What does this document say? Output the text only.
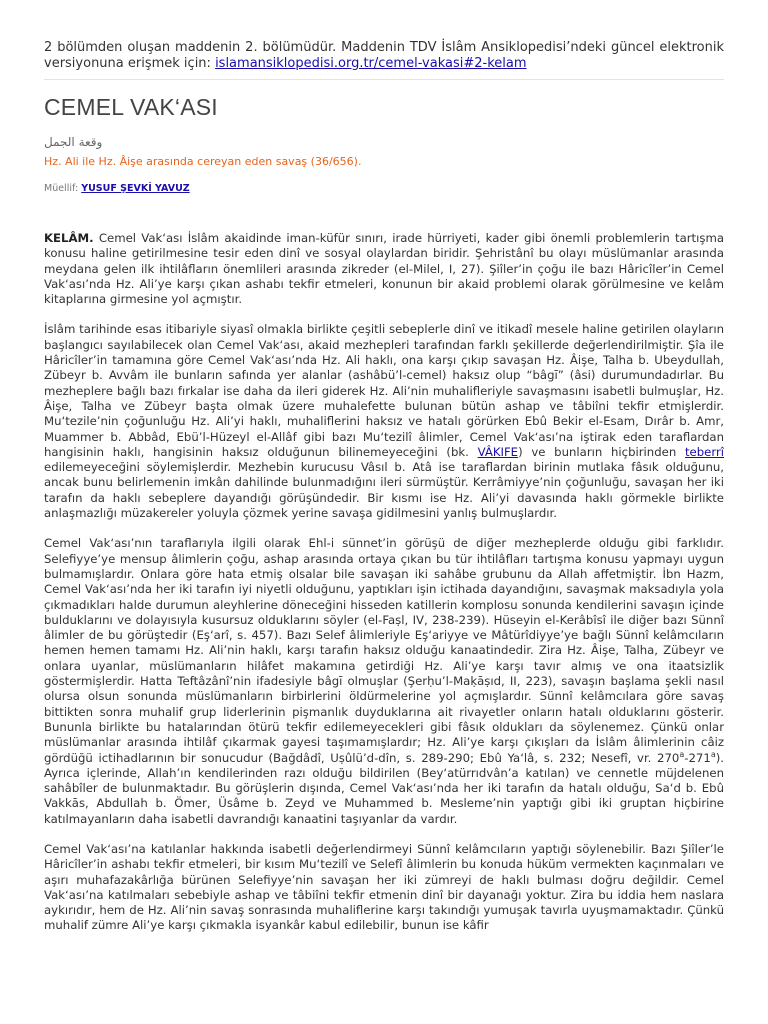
2 bölümden oluşan maddenin 2. bölümüdür. Maddenin TDV İslâm Ansiklopedisi’ndeki güncel elektronik versiyonuna erişmek için: islamansiklopedisi.org.tr/cemel-vakasi#2-kelam

CEMEL VAK‘ASI
وقعة الجمل
Hz. Ali ile Hz. Âişe arasında cereyan eden savaş (36/656).
Müellif: YUSUF ŞEVKİ YAVUZ

KELÂM. Cemel Vak‘ası İslâm akaidinde iman-küfür sınırı, irade hürriyeti, kader gibi önemli problemlerin tartışma konusu haline getirilmesine tesir eden dinî ve sosyal olaylardan biridir. Şehristânî bu olayı müslümanlar arasında meydana gelen ilk ihtilâfların önemlileri arasında zikreder (el-Milel, I, 27). Şiîler’in çoğu ile bazı Hâricîler’in Cemel Vak‘ası’nda Hz. Ali’ye karşı çıkan ashabı tekfir etmeleri, konunun bir akaid problemi olarak görülmesine ve kelâm kitaplarına girmesine yol açmıştır.

İslâm tarihinde esas itibariyle siyasî olmakla birlikte çeşitli sebeplerle dinî ve itikadî mesele haline getirilen olayların başlangıcı sayılabilecek olan Cemel Vak‘ası, akaid mezhepleri tarafından farklı şekillerde değerlendirilmiştir. Şîa ile Hâricîler’in tamamına göre Cemel Vak‘ası’nda Hz. Ali haklı, ona karşı çıkıp savaşan Hz. Âişe, Talha b. Ubeydullah, Zübeyr b. Avvâm ile bunların safında yer alanlar (ashâbü’l-cemel) haksız olup “bâgī” (âsi) durumundadırlar. Bu mezheplere bağlı bazı fırkalar ise daha da ileri giderek Hz. Ali’nin muhalifleriyle savaşmasını isabetli bulmuşlar, Hz. Âişe, Talha ve Zübeyr başta olmak üzere muhalefette bulunan bütün ashap ve tâbiîni tekfir etmişlerdir. Mu‘tezile’nin çoğunluğu Hz. Ali’yi haklı, muhaliflerini haksız ve hatalı görürken Ebû Bekir el-Esam, Dırâr b. Amr, Muammer b. Abbâd, Ebü’l-Hüzeyl el-Allâf gibi bazı Mu‘tezilî âlimler, Cemel Vak‘ası’na iştirak eden taraflardan hangisinin haklı, hangisinin haksız olduğunun bilinemeyeceğini (bk. VÂKIFE) ve bunların hiçbirinden teberrî edilemeyeceğini söylemişlerdir. Mezhebin kurucusu Vâsıl b. Atâ ise taraflardan birinin mutlaka fâsık olduğunu, ancak bunu belirlemenin imkân dahilinde bulunmadığını ileri sürmüştür. Kerrâmiyye’nin çoğunluğu, savaşan her iki tarafın da haklı sebeplere dayandığı görüşündedir. Bir kısmı ise Hz. Ali’yi davasında haklı görmekle birlikte anlaşmazlığı müzakereler yoluyla çözmek yerine savaşa gidilmesini yanlış bulmuşlardır.

Cemel Vak‘ası’nın taraflarıyla ilgili olarak Ehl-i sünnet’in görüşü de diğer mezheplerde olduğu gibi farklıdır. Selefiyye’ye mensup âlimlerin çoğu, ashap arasında ortaya çıkan bu tür ihtilâfları tartışma konusu yapmayı uygun bulmamışlardır. Onlara göre hata etmiş olsalar bile savaşan iki sahâbe grubunu da Allah affetmiştir. İbn Hazm, Cemel Vak‘ası’nda her iki tarafın iyi niyetli olduğunu, yaptıkları işin ictihada dayandığını, savaşmak maksadıyla yola çıkmadıkları halde durumun aleyhlerine döneceğini hisseden katillerin komplosu sonunda kendilerini savaşın içinde bulduklarını ve dolayısıyla kusursuz olduklarını söyler (el-Faṣl, IV, 238-239). Hüseyin el-Kerâbîsî ile diğer bazı Sünnî âlimler de bu görüştedir (Eş‘arî, s. 457). Bazı Selef âlimleriyle Eş‘ariyye ve Mâtürîdiyye’ye bağlı Sünnî kelâmcıların hemen hemen tamamı Hz. Ali’nin haklı, karşı tarafın haksız olduğu kanaatindedir. Zira Hz. Âişe, Talha, Zübeyr ve onlara uyanlar, müslümanların hilâfet makamına getirdiği Hz. Ali’ye karşı tavır almış ve ona itaatsizlik göstermişlerdir. Hatta Teftâzânî’nin ifadesiyle bâgī olmuşlar (Şerḥu’l-Maḳāṣıd, II, 223), savaşın başlama şekli nasıl olursa olsun sonunda müslümanların birbirlerini öldürmelerine yol açmışlardır. Sünnî kelâmcılara göre savaş bittikten sonra muhalif grup liderlerinin pişmanlık duyduklarına ait rivayetler onların hatalı olduklarını gösterir. Bununla birlikte bu hatalarından ötürü tekfir edilemeyecekleri gibi fâsık oldukları da söylenemez. Çünkü onlar müslümanlar arasında ihtilâf çıkarmak gayesi taşımamışlardır; Hz. Ali’ye karşı çıkışları da İslâm âlimlerinin câiz gördüğü ictihadlarının bir sonucudur (Bağdâdî, Uṣûlü’d-dîn, s. 289-290; Ebû Ya‘lâ, s. 232; Nesefî, vr. 270$^a$-271$^a$). Ayrıca içlerinde, Allah’ın kendilerinden razı olduğu bildirilen (Bey‘atürrıdvân’a katılan) ve cennetle müjdelenen sahâbîler de bulunmaktadır. Bu görüşlerin dışında, Cemel Vak‘ası’nda her iki tarafın da hatalı olduğu, Sa‘d b. Ebû Vakkās, Abdullah b. Ömer, Üsâme b. Zeyd ve Muhammed b. Mesleme’nin yaptığı gibi iki gruptan hiçbirine katılmayanların daha isabetli davrandığı kanaatini taşıyanlar da vardır.

Cemel Vak‘ası’na katılanlar hakkında isabetli değerlendirmeyi Sünnî kelâmcıların yaptığı söylenebilir. Bazı Şiîler’le Hâricîler’in ashabı tekfir etmeleri, bir kısım Mu‘tezilî ve Selefî âlimlerin bu konuda hüküm vermekten kaçınmaları ve aşırı muhafazakârlığa bürünen Selefiyye’nin savaşan her iki zümreyi de haklı bulması doğru değildir. Cemel Vak‘ası’na katılmaları sebebiyle ashap ve tâbiîni tekfir etmenin dinî bir dayanağı yoktur. Zira bu iddia hem naslara aykırıdır, hem de Hz. Ali’nin savaş sonrasında muhaliflerine karşı takındığı yumuşak tavırla uyuşmamaktadır. Çünkü muhalif zümre Ali’ye karşı çıkmakla isyankâr kabul edilebilir, bunun ise kâfir
